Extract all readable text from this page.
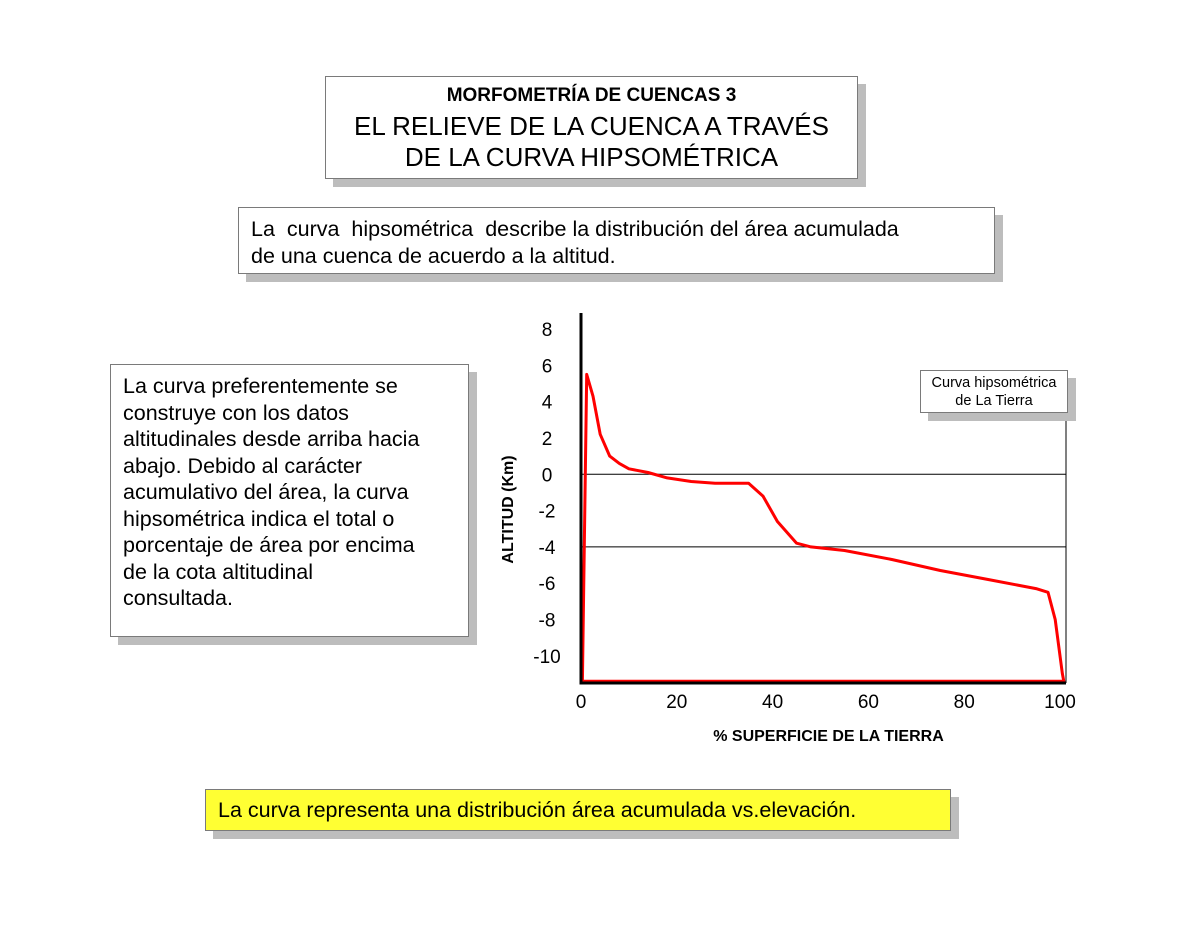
MORFOMETRÍA DE CUENCAS 3
EL RELIEVE DE LA CUENCA A TRAVÉS
DE LA CURVA HIPSOMÉTRICA
La  curva  hipsométrica  describe la distribución del área acumulada
de una cuenca de acuerdo a la altitud.
La curva preferentemente se
construye con los datos
altitudinales desde arriba hacia
abajo. Debido al carácter
acumulativo del área, la curva
hipsométrica indica el total o
porcentaje de área por encima
de la cota altitudinal
consultada.
8
6
4
2
0
-2
-4
-6
-8
-10
0	20	40	60	80	100
ALTITUD (Km)
% SUPERFICIE DE LA TIERRA
Curva hipsométrica
de La Tierra
La curva representa una distribución área acumulada vs.elevación.
